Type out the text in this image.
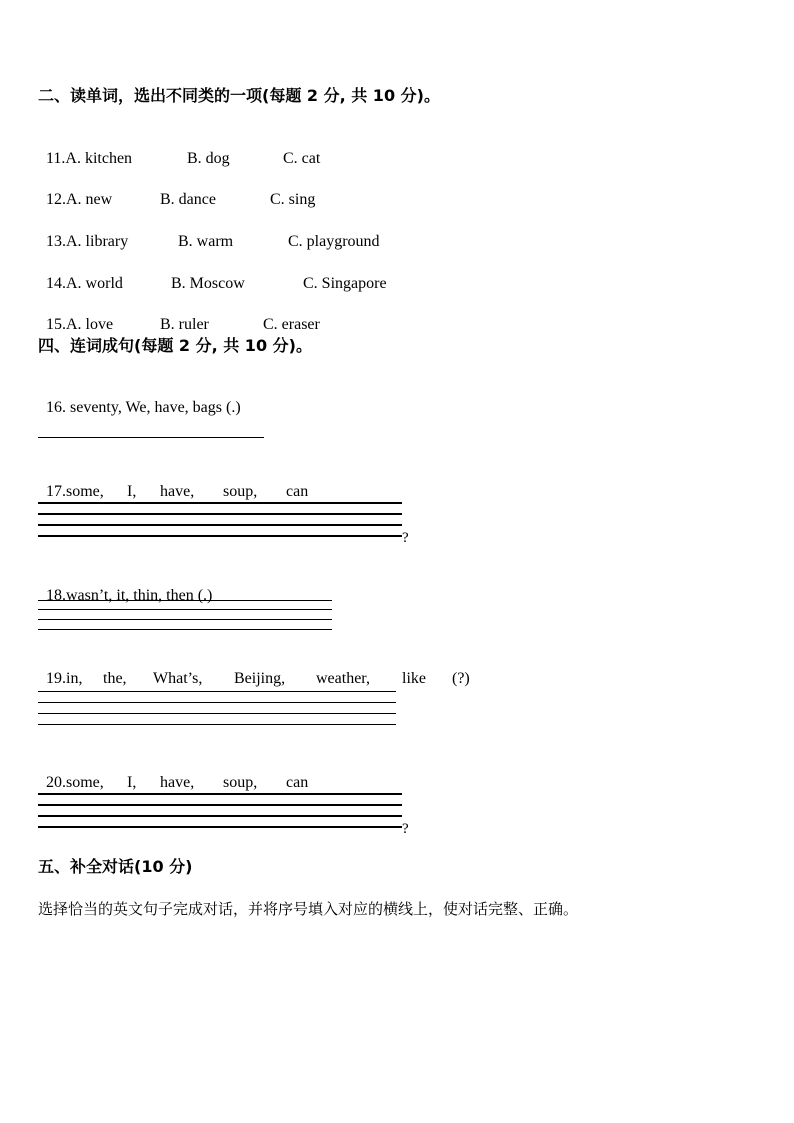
二、读单词，选出不同类的一项(每题 2 分, 共 10 分)。

11.A. kitchen	B. dog	C. cat

12.A. new	B. dance	C. sing

13.A. library	B. warm	C. playground

14.A. world	B. Moscow	C. Singapore

15.A. love	B. ruler	C. eraser

四、连词成句(每题 2 分, 共 10 分)。

16. seventy, We, have, bags (.)

17.some, I, have, soup, can

?

18.wasn’t, it, thin, then (.)

19.in, the, What’s, Beijing, weather, like (?)

20.some, I, have, soup, can

?
五、补全对话(10 分)
选择恰当的英文句子完成对话，并将序号填入对应的横线上，使对话完整、正确。
